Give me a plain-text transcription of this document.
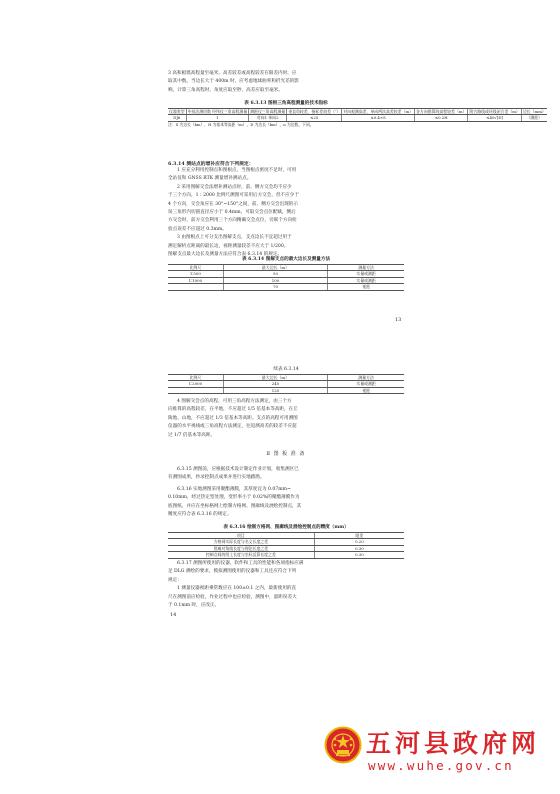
3 高和板墙高程量至毫米。高差较差或高程较差在限差内时，应

取其中数。当边长大于 400m 时，应考虑地球曲率和折光差的影

响，计算三角高程时，角度应取至秒，高差应取至毫米。

表 6.3.13 图根三角高程测量的技术指标

仪器类型	中丝法测回数 经纬仪三角高程测量	测距仪三角高程测量	垂直角较差、指标差较差（″）	对向观测高差、单向两次高差较差（m）	各方向推算的高程较差（m）	附合路线或环线闭合差（m）	边长（mm）
DJ6	1	对向1 单向2	≤25	≤0.4×S	≤0.2H	≤40√[D]	（测距）

注：S 为边长（km），H 为基本等高距（m），D 为边长（km），n 为边数，下同。

6.3.14 测站点的增补应符合下列规定：

1 应充分利用控制点和图根点，当图根点密度不足时，可用

全站仪和 GNSS RTK 测量增补测站点。

2 采用图解交会法增补测站点时，前、侧方交会均不应少

于三个方向，1∶2000 比例尺测图可采用后方交会，但不应少于

4 个方向，交会角应在 30°~150°之间，前、侧方交会出现的示

误三角形内切圆直径应小于 0.4mm，可取交会点位配赋，侧后

方交会时，前方交会利用三个方向精确交会点位，旁联个方向检

验点误差不应超过 0.3mm。

3 由图根点上可分支出图解支点，支点边长不宜超过用于

测定解析点距离的最长边，视距测量较差不应大于 1/200。

图解支点最大边长及测量方法应符合表 6.3.14 的规定。

表 6.3.14 图解支点的最大边长及测量方法

比例尺	最大边长（m）	测量方法
1∶500	50	实量或测距
1∶1000	100	实量或测距
	70	视距
13

续表 6.3.14

比例尺	最大边长（m）	测量方法
1∶2000	240	实量或测距
	120	视距

4 图解交会点的高程，可用三角高程方法测定，由三个方

向推算的高程较差，在平地，不应超过 1/5 倍基本等高距，在丘

陵地、山地，不应超过 1/3 倍基本等高距。支点的高程可用测图

仪器的水平视线或三角高程方法测定，往返测高差的较差不应超

过 1/7 倍基本等高距。

Ⅱ 图 板 准 备

6.3.15 测图前，应根据技术设计制定作业计划，收集测区已

有测图成果，抄录控制点成果并进行实地踏勘。

6.3.16 实地测图采用聚酯薄膜，其厚度宜为 0.07mm~

0.10mm，经过热定型处理，变形率小于 0.02%的聚酯薄膜作为

底图纸，并应在坐标格网上绘制方格网、图廓线及展绘控制点，其

精度应符合表 6.3.16 的规定。

表 6.3.16 绘制方格网、图廓线及展绘控制点的精度（mm）

项目	限差
方格网实际长度与名义长度之差	0.20
图廓对角线长度与理论长度之差	0.30
控制点间的图上长度与坐标反算长度之差	0.30

6.3.17 测图所使用的仪器、软件和工具的性能和各项指标应满

足 DLG 测绘的要求，模拟测图使用的仪器和工具还应符合下列

规定：

1 测量仪器视距乘常数应在 100±0.1 之内，最新使用的直

尺在测图前应检验，作业过程中也应检验，测图中，量距误差大

于 0.1mm 时，应改正。

14
五河县政府网
www.wuhe.gov.cn
